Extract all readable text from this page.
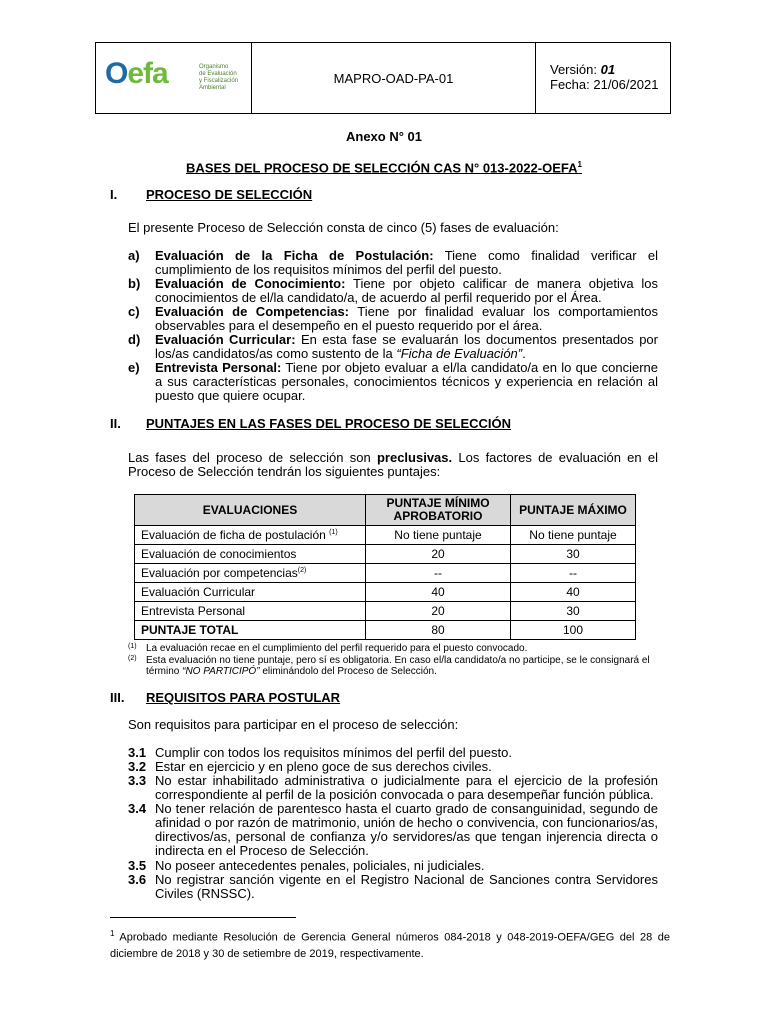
Oefa	Organismo
de Evaluación
y Fiscalización
Ambiental
MAPRO-OAD-PA-01
Versión: 01
Fecha: 21/06/2021
Anexo N° 01
BASES DEL PROCESO DE SELECCIÓN CAS N° 013-2022-OEFA$^1$
I. PROCESO DE SELECCIÓN
El presente Proceso de Selección consta de cinco (5) fases de evaluación:
a) Evaluación de la Ficha de Postulación: Tiene como finalidad verificar el cumplimiento de los requisitos mínimos del perfil del puesto.
b) Evaluación de Conocimiento: Tiene por objeto calificar de manera objetiva los conocimientos de el/la candidato/a, de acuerdo al perfil requerido por el Área.
c) Evaluación de Competencias: Tiene por finalidad evaluar los comportamientos observables para el desempeño en el puesto requerido por el área.
d) Evaluación Curricular: En esta fase se evaluarán los documentos presentados por los/as candidatos/as como sustento de la “Ficha de Evaluación”.
e) Entrevista Personal: Tiene por objeto evaluar a el/la candidato/a en lo que concierne a sus características personales, conocimientos técnicos y experiencia en relación al puesto que quiere ocupar.
II. PUNTAJES EN LAS FASES DEL PROCESO DE SELECCIÓN
Las fases del proceso de selección son preclusivas. Los factores de evaluación en el Proceso de Selección tendrán los siguientes puntajes:
EVALUACIONES	PUNTAJE MÍNIMO APROBATORIO	PUNTAJE MÁXIMO
Evaluación de ficha de postulación $^{(1)}$	No tiene puntaje	No tiene puntaje
Evaluación de conocimientos	20	30
Evaluación por competencias$^{(2)}$	--	--
Evaluación Curricular	40	40
Entrevista Personal	20	30
PUNTAJE TOTAL	80	100
(1) La evaluación recae en el cumplimiento del perfil requerido para el puesto convocado.
(2) Esta evaluación no tiene puntaje, pero sí es obligatoria. En caso el/la candidato/a no participe, se le consignará el término “NO PARTICIPÓ” eliminándolo del Proceso de Selección.
III. REQUISITOS PARA POSTULAR
Son requisitos para participar en el proceso de selección:
3.1 Cumplir con todos los requisitos mínimos del perfil del puesto.
3.2 Estar en ejercicio y en pleno goce de sus derechos civiles.
3.3 No estar inhabilitado administrativa o judicialmente para el ejercicio de la profesión correspondiente al perfil de la posición convocada o para desempeñar función pública.
3.4 No tener relación de parentesco hasta el cuarto grado de consanguinidad, segundo de afinidad o por razón de matrimonio, unión de hecho o convivencia, con funcionarios/as, directivos/as, personal de confianza y/o servidores/as que tengan injerencia directa o indirecta en el Proceso de Selección.
3.5 No poseer antecedentes penales, policiales, ni judiciales.
3.6 No registrar sanción vigente en el Registro Nacional de Sanciones contra Servidores Civiles (RNSSC).
$^1$ Aprobado mediante Resolución de Gerencia General números 084-2018 y 048-2019-OEFA/GEG del 28 de diciembre de 2018 y 30 de setiembre de 2019, respectivamente.
